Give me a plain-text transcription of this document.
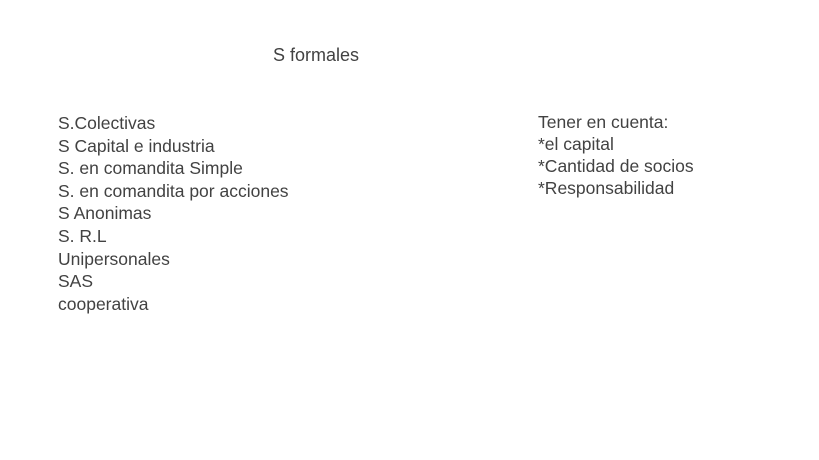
S formales
S.Colectivas
S Capital e industria
S. en comandita Simple
S. en comandita por acciones
S Anonimas
S. R.L
Unipersonales
SAS
cooperativa
Tener en cuenta:
*el capital
*Cantidad de socios
*Responsabilidad
